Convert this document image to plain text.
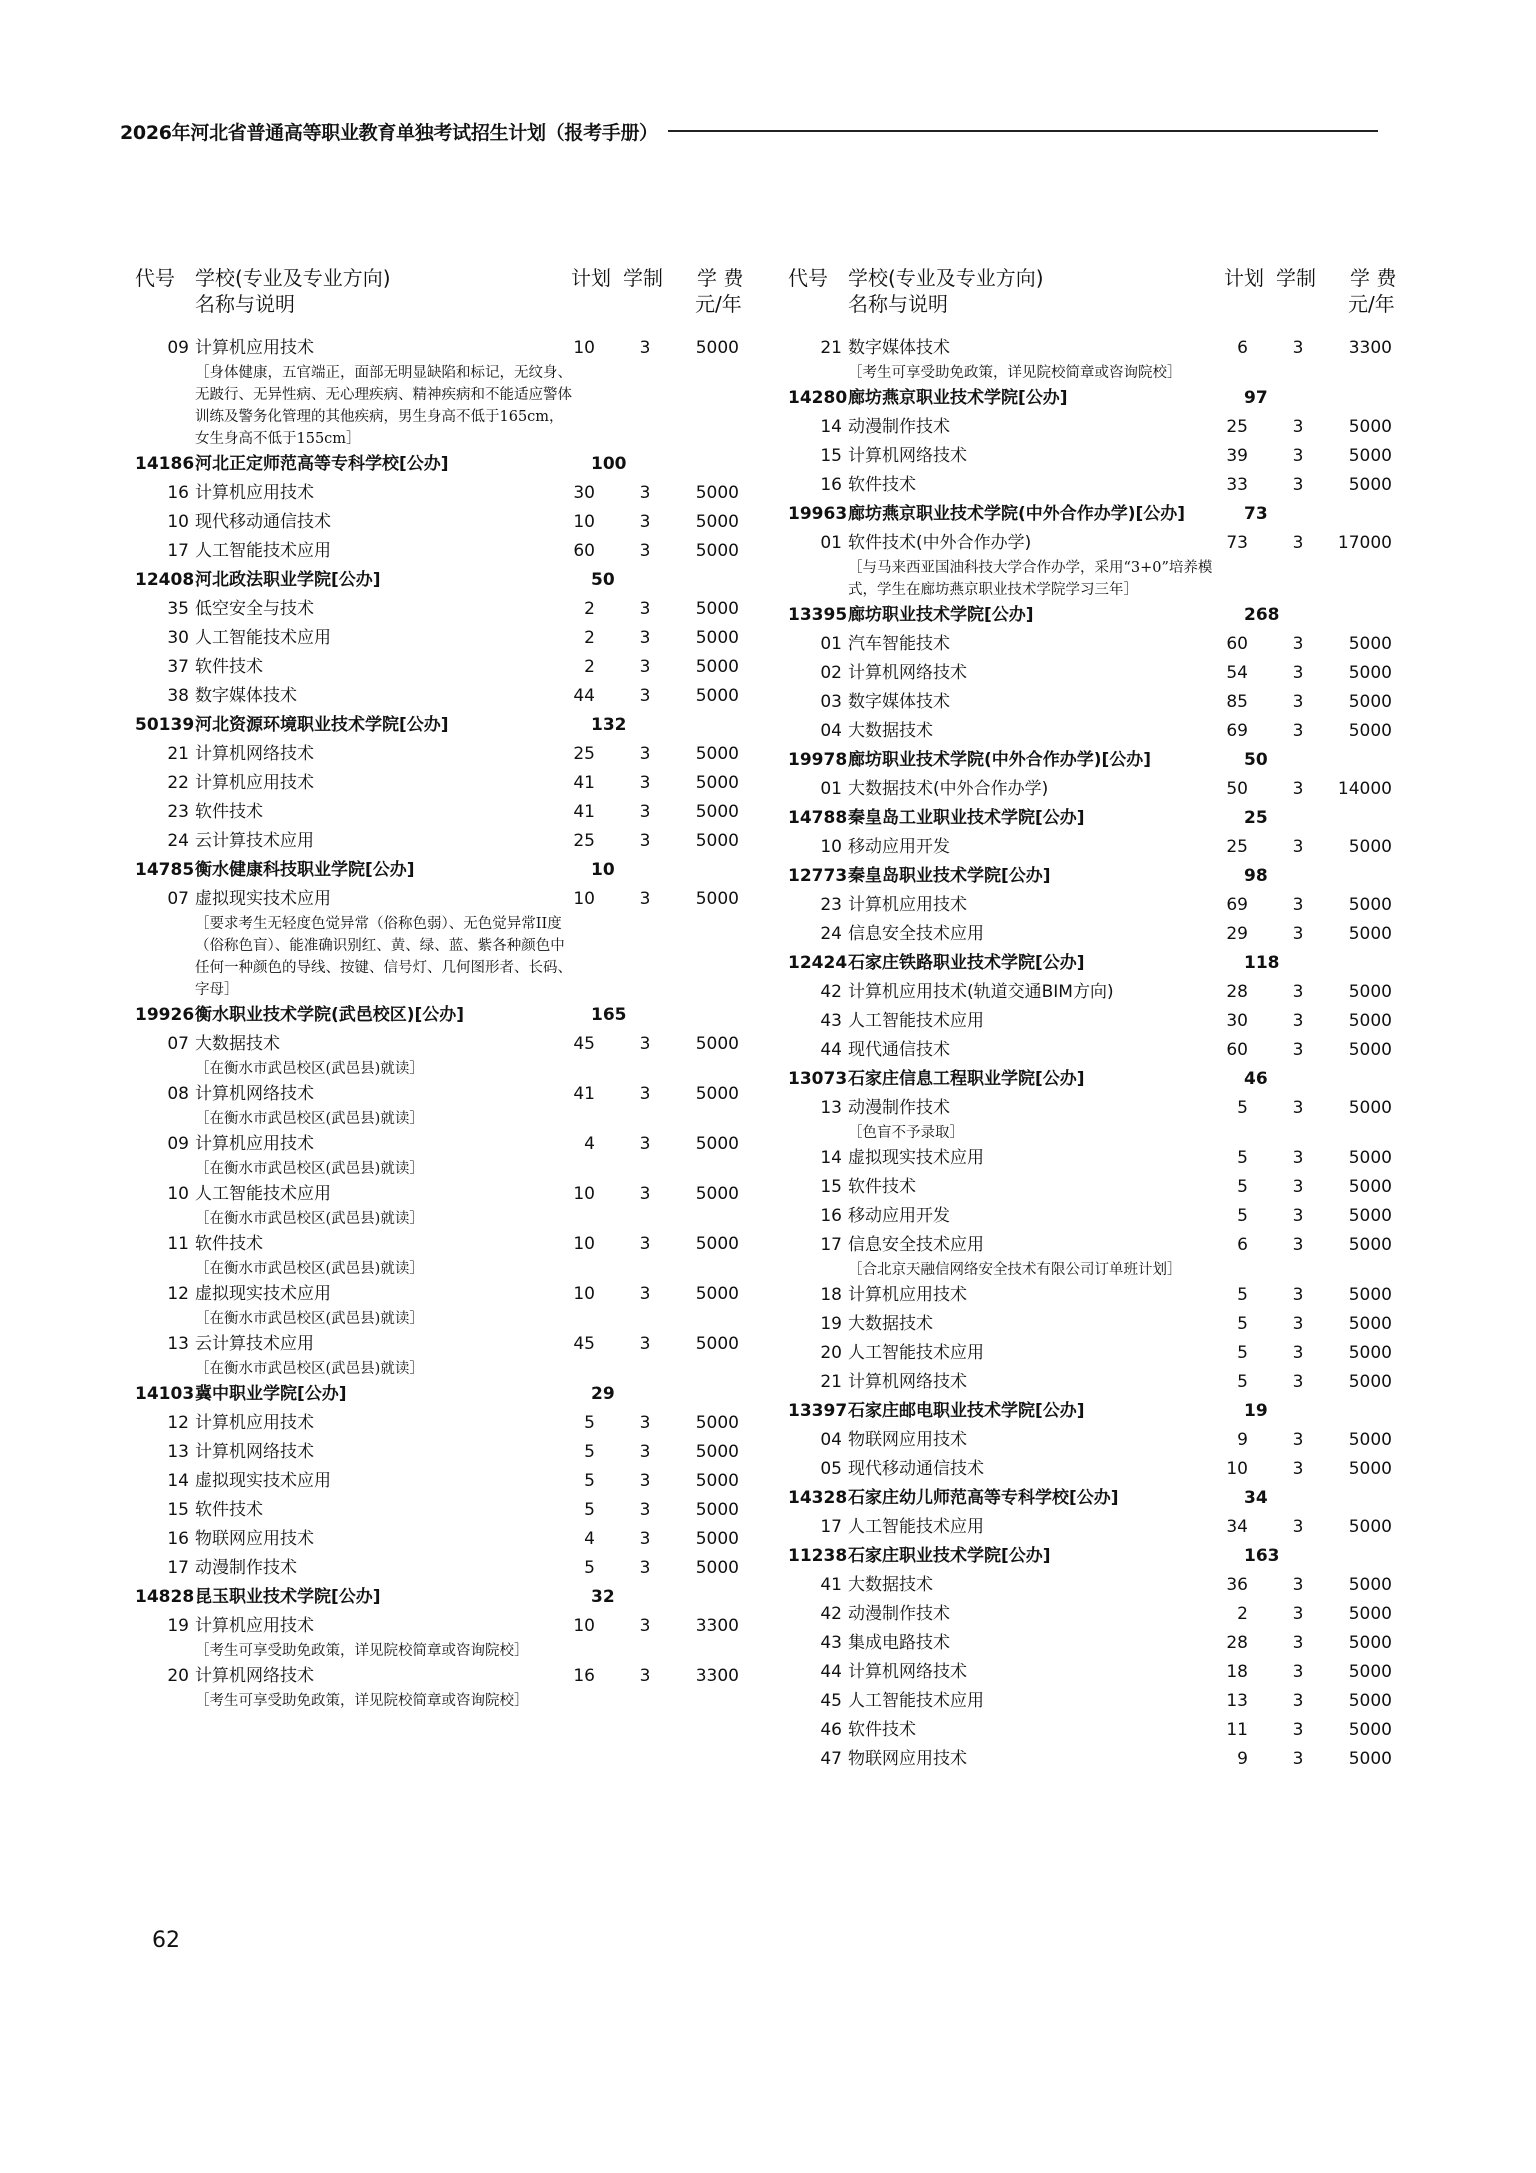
2026年河北省普通高等职业教育单独考试招生计划（报考手册）
代号 学校(专业及专业方向)
名称与说明
计划 学制 学 费
元/年
09 计算机应用技术	10	3	5000
［身体健康，五官端正，面部无明显缺陷和标记，无纹身、无跛行、无异性病、无心理疾病、精神疾病和不能适应警体训练及警务化管理的其他疾病，男生身高不低于165cm，女生身高不低于155cm］
14186 河北正定师范高等专科学校[公办]	100
16 计算机应用技术	30	3	5000
10 现代移动通信技术	10	3	5000
17 人工智能技术应用	60	3	5000
12408 河北政法职业学院[公办]	50
35 低空安全与技术	2	3	5000
30 人工智能技术应用	2	3	5000
37 软件技术	2	3	5000
38 数字媒体技术	44	3	5000
50139 河北资源环境职业技术学院[公办]	132
21 计算机网络技术	25	3	5000
22 计算机应用技术	41	3	5000
23 软件技术	41	3	5000
24 云计算技术应用	25	3	5000
14785 衡水健康科技职业学院[公办]	10
07 虚拟现实技术应用	10	3	5000
［要求考生无轻度色觉异常（俗称色弱）、无色觉异常II度（俗称色盲）、能准确识别红、黄、绿、蓝、紫各种颜色中任何一种颜色的导线、按键、信号灯、几何图形者、长码、字母］
19926 衡水职业技术学院(武邑校区)[公办]	165
07 大数据技术	45	3	5000
［在衡水市武邑校区(武邑县)就读］
08 计算机网络技术	41	3	5000
［在衡水市武邑校区(武邑县)就读］
09 计算机应用技术	4	3	5000
［在衡水市武邑校区(武邑县)就读］
10 人工智能技术应用	10	3	5000
［在衡水市武邑校区(武邑县)就读］
11 软件技术	10	3	5000
［在衡水市武邑校区(武邑县)就读］
12 虚拟现实技术应用	10	3	5000
［在衡水市武邑校区(武邑县)就读］
13 云计算技术应用	45	3	5000
［在衡水市武邑校区(武邑县)就读］
14103 冀中职业学院[公办]	29
12 计算机应用技术	5	3	5000
13 计算机网络技术	5	3	5000
14 虚拟现实技术应用	5	3	5000
15 软件技术	5	3	5000
16 物联网应用技术	4	3	5000
17 动漫制作技术	5	3	5000
14828 昆玉职业技术学院[公办]	32
19 计算机应用技术	10	3	3300
［考生可享受助免政策，详见院校简章或咨询院校］
20 计算机网络技术	16	3	3300
［考生可享受助免政策，详见院校简章或咨询院校］
代号 学校(专业及专业方向)
名称与说明
计划 学制 学 费
元/年
21 数字媒体技术	6	3	3300
［考生可享受助免政策，详见院校简章或咨询院校］
14280 廊坊燕京职业技术学院[公办]	97
14 动漫制作技术	25	3	5000
15 计算机网络技术	39	3	5000
16 软件技术	33	3	5000
19963 廊坊燕京职业技术学院(中外合作办学)[公办]	73
01 软件技术(中外合作办学)	73	3	17000
［与马来西亚国油科技大学合作办学，采用“3+0”培养模式，学生在廊坊燕京职业技术学院学习三年］
13395 廊坊职业技术学院[公办]	268
01 汽车智能技术	60	3	5000
02 计算机网络技术	54	3	5000
03 数字媒体技术	85	3	5000
04 大数据技术	69	3	5000
19978 廊坊职业技术学院(中外合作办学)[公办]	50
01 大数据技术(中外合作办学)	50	3	14000
14788 秦皇岛工业职业技术学院[公办]	25
10 移动应用开发	25	3	5000
12773 秦皇岛职业技术学院[公办]	98
23 计算机应用技术	69	3	5000
24 信息安全技术应用	29	3	5000
12424 石家庄铁路职业技术学院[公办]	118
42 计算机应用技术(轨道交通BIM方向)	28	3	5000
43 人工智能技术应用	30	3	5000
44 现代通信技术	60	3	5000
13073 石家庄信息工程职业学院[公办]	46
13 动漫制作技术	5	3	5000
［色盲不予录取］
14 虚拟现实技术应用	5	3	5000
15 软件技术	5	3	5000
16 移动应用开发	5	3	5000
17 信息安全技术应用	6	3	5000
［合北京天融信网络安全技术有限公司订单班计划］
18 计算机应用技术	5	3	5000
19 大数据技术	5	3	5000
20 人工智能技术应用	5	3	5000
21 计算机网络技术	5	3	5000
13397 石家庄邮电职业技术学院[公办]	19
04 物联网应用技术	9	3	5000
05 现代移动通信技术	10	3	5000
14328 石家庄幼儿师范高等专科学校[公办]	34
17 人工智能技术应用	34	3	5000
11238 石家庄职业技术学院[公办]	163
41 大数据技术	36	3	5000
42 动漫制作技术	2	3	5000
43 集成电路技术	28	3	5000
44 计算机网络技术	18	3	5000
45 人工智能技术应用	13	3	5000
46 软件技术	11	3	5000
47 物联网应用技术	9	3	5000
62
